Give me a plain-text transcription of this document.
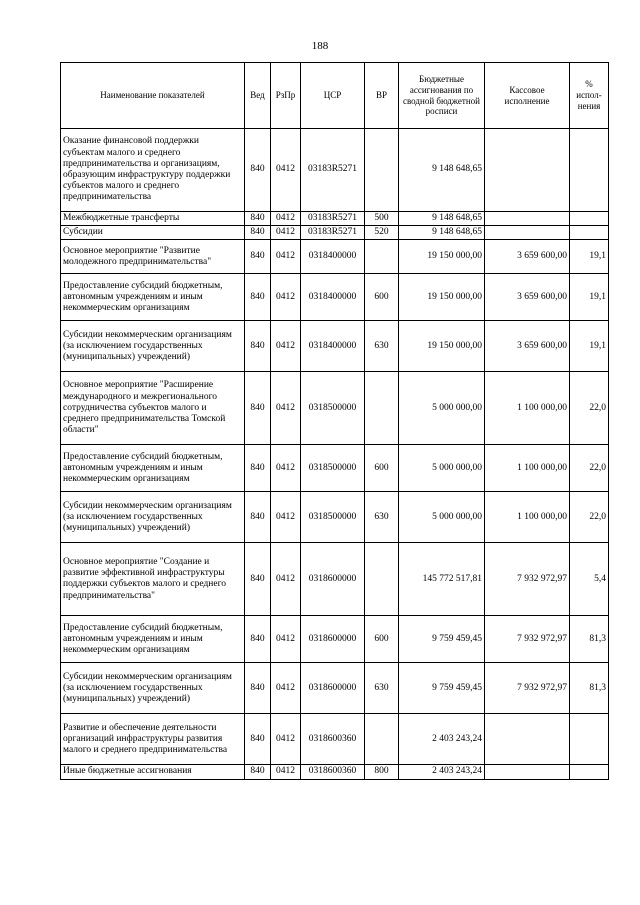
188
Наименование показателей	Вед	РзПр	ЦСР	ВР	Бюджетные ассигнования по сводной бюджетной росписи	Кассовое исполнение	% испол-нения
Оказание финансовой поддержки субъектам малого и среднего предпринимательства и организациям, образующим инфраструктуру поддержки субъектов малого и среднего предпринимательства	840	0412	03183R5271		9 148 648,65		
Межбюджетные трансферты	840	0412	03183R5271	500	9 148 648,65		
Субсидии	840	0412	03183R5271	520	9 148 648,65		
Основное мероприятие "Развитие молодежного предпринимательства"	840	0412	0318400000		19 150 000,00	3 659 600,00	19,1
Предоставление субсидий бюджетным, автономным учреждениям и иным некоммерческим организациям	840	0412	0318400000	600	19 150 000,00	3 659 600,00	19,1
Субсидии некоммерческим организациям (за исключением государственных (муниципальных) учреждений)	840	0412	0318400000	630	19 150 000,00	3 659 600,00	19,1
Основное мероприятие "Расширение международного и межрегионального сотрудничества субъектов малого и среднего предпринимательства Томской области"	840	0412	0318500000		5 000 000,00	1 100 000,00	22,0
Предоставление субсидий бюджетным, автономным учреждениям и иным некоммерческим организациям	840	0412	0318500000	600	5 000 000,00	1 100 000,00	22,0
Субсидии некоммерческим организациям (за исключением государственных (муниципальных) учреждений)	840	0412	0318500000	630	5 000 000,00	1 100 000,00	22,0
Основное мероприятие "Создание и развитие эффективной инфраструктуры поддержки субъектов малого и среднего предпринимательства"	840	0412	0318600000		145 772 517,81	7 932 972,97	5,4
Предоставление субсидий бюджетным, автономным учреждениям и иным некоммерческим организациям	840	0412	0318600000	600	9 759 459,45	7 932 972,97	81,3
Субсидии некоммерческим организациям (за исключением государственных (муниципальных) учреждений)	840	0412	0318600000	630	9 759 459,45	7 932 972,97	81,3
Развитие и обеспечение деятельности организаций инфраструктуры развития малого и среднего предпринимательства	840	0412	0318600360		2 403 243,24		
Иные бюджетные ассигнования	840	0412	0318600360	800	2 403 243,24		
